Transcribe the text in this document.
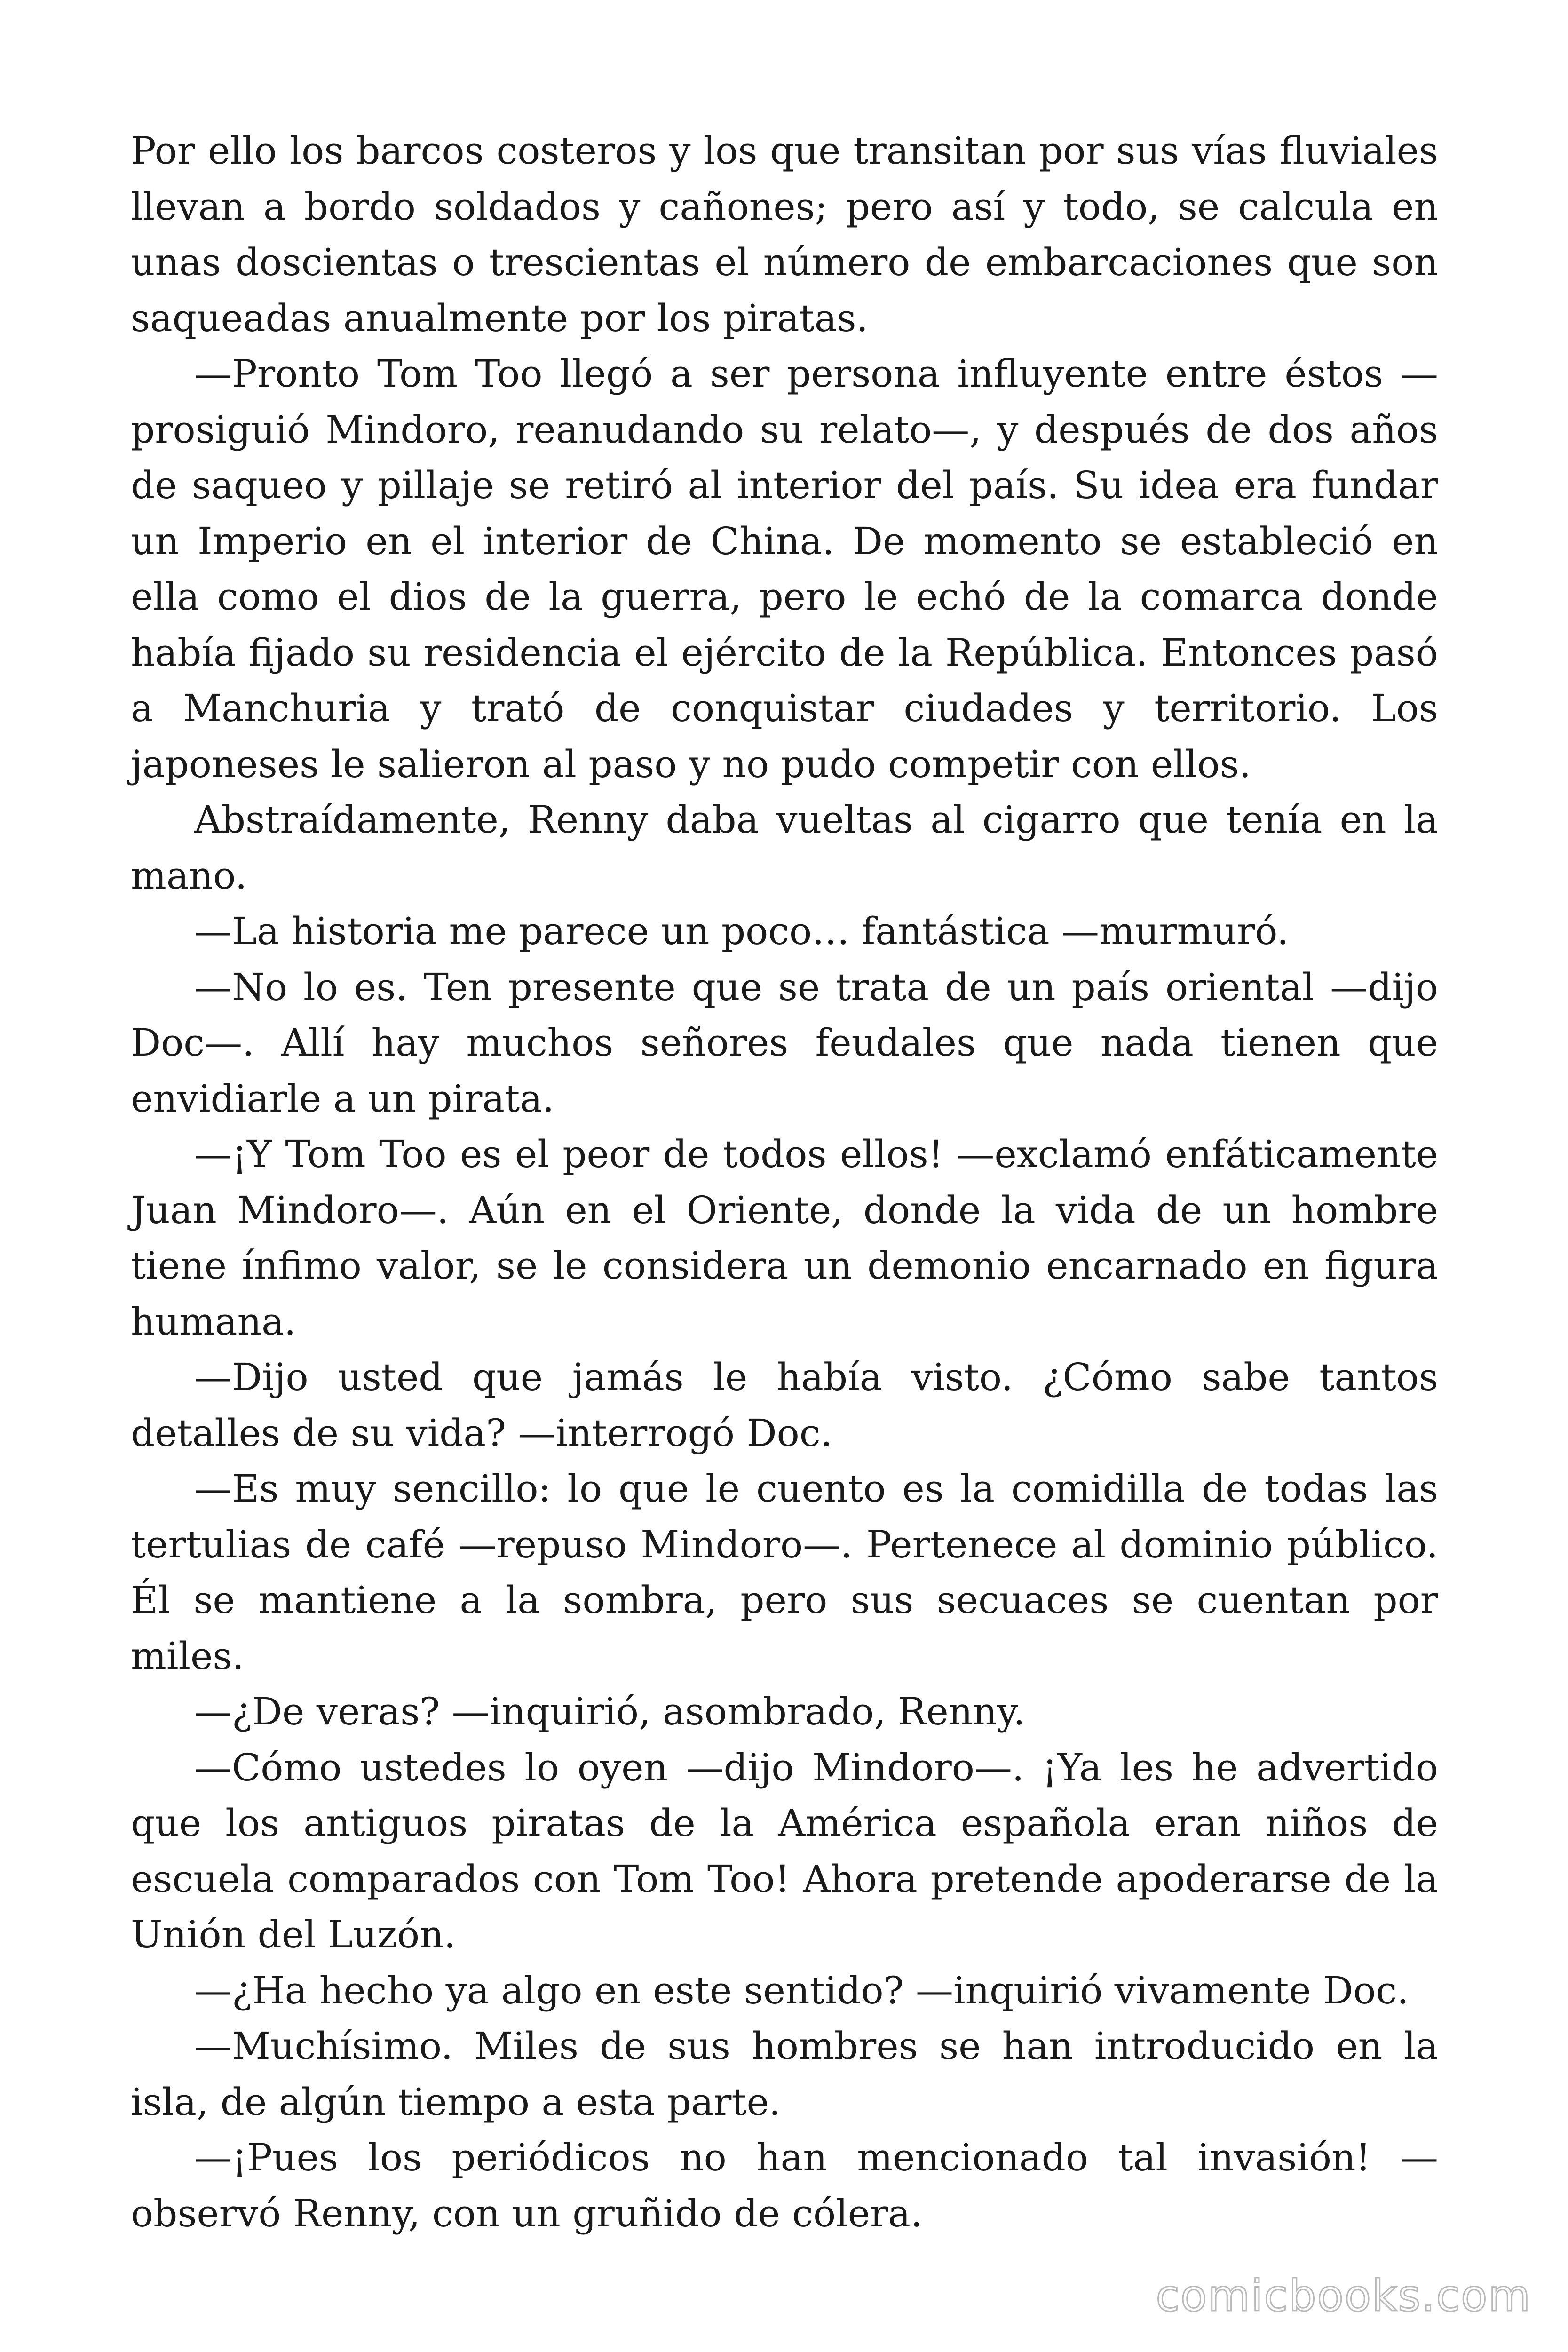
Por ello los barcos costeros y los que transitan por sus vías fluviales llevan a bordo soldados y cañones; pero así y todo, se calcula en unas doscientas o trescientas el número de embarcaciones que son saqueadas anualmente por los piratas.

—Pronto Tom Too llegó a ser persona influyente entre éstos —prosiguió Mindoro, reanudando su relato—, y después de dos años de saqueo y pillaje se retiró al interior del país. Su idea era fundar un Imperio en el interior de China. De momento se estableció en ella como el dios de la guerra, pero le echó de la comarca donde había fijado su residencia el ejército de la República. Entonces pasó a Manchuria y trató de conquistar ciudades y territorio. Los japoneses le salieron al paso y no pudo competir con ellos.

Abstraídamente, Renny daba vueltas al cigarro que tenía en la mano.

—La historia me parece un poco… fantástica —murmuró.

—No lo es. Ten presente que se trata de un país oriental —dijo Doc—. Allí hay muchos señores feudales que nada tienen que envidiarle a un pirata.

—¡Y Tom Too es el peor de todos ellos! —exclamó enfáticamente Juan Mindoro—. Aún en el Oriente, donde la vida de un hombre tiene ínfimo valor, se le considera un demonio encarnado en figura humana.

—Dijo usted que jamás le había visto. ¿Cómo sabe tantos detalles de su vida? —interrogó Doc.

—Es muy sencillo: lo que le cuento es la comidilla de todas las tertulias de café —repuso Mindoro—. Pertenece al dominio público. Él se mantiene a la sombra, pero sus secuaces se cuentan por miles.

—¿De veras? —inquirió, asombrado, Renny.

—Cómo ustedes lo oyen —dijo Mindoro—. ¡Ya les he advertido que los antiguos piratas de la América española eran niños de escuela comparados con Tom Too! Ahora pretende apoderarse de la Unión del Luzón.

—¿Ha hecho ya algo en este sentido? —inquirió vivamente Doc.

—Muchísimo. Miles de sus hombres se han introducido en la isla, de algún tiempo a esta parte.

—¡Pues los periódicos no han mencionado tal invasión! —observó Renny, con un gruñido de cólera.

comicbooks.com
